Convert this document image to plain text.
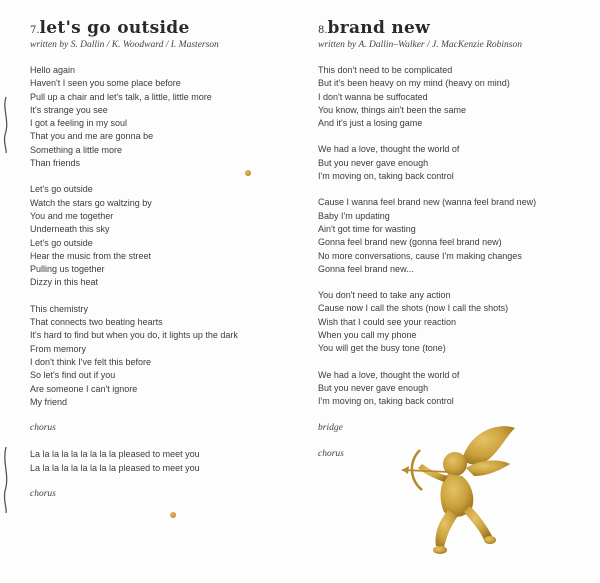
7.let's go outside
written by S. Dallin / K. Woodward / I. Masterson
Hello again
Haven't I seen you some place before
Pull up a chair and let's talk, a little, little more
It's strange you see
I got a feeling in my soul
That you and me are gonna be
Something a little more
Than friends
Let's go outside
Watch the stars go waltzing by
You and me together
Underneath this sky
Let's go outside
Hear the music from the street
Pulling us together
Dizzy in this heat
This chemistry
That connects two beating hearts
It's hard to find but when you do, it lights up the dark
From memory
I don't think I've felt this before
So let's find out if you
Are someone I can't ignore
My friend
chorus
La la la la la la la la la pleased to meet you
La la la la la la la la la pleased to meet you
chorus
8.brand new
written by A. Dallin–Walker / J. MacKenzie Robinson
This don't need to be complicated
But it's been heavy on my mind (heavy on mind)
I don't wanna be suffocated
You know, things ain't been the same
And it's just a losing game
We had a love, thought the world of
But you never gave enough
I'm moving on, taking back control
Cause I wanna feel brand new (wanna feel brand new)
Baby I'm updating
Ain't got time for wasting
Gonna feel brand new (gonna feel brand new)
No more conversations, cause I'm making changes
Gonna feel brand new...
You don't need to take any action
Cause now I call the shots (now I call the shots)
Wish that I could see your reaction
When you call my phone
You will get the busy tone (tone)
We had a love, thought the world of
But you never gave enough
I'm moving on, taking back control
bridge
chorus
